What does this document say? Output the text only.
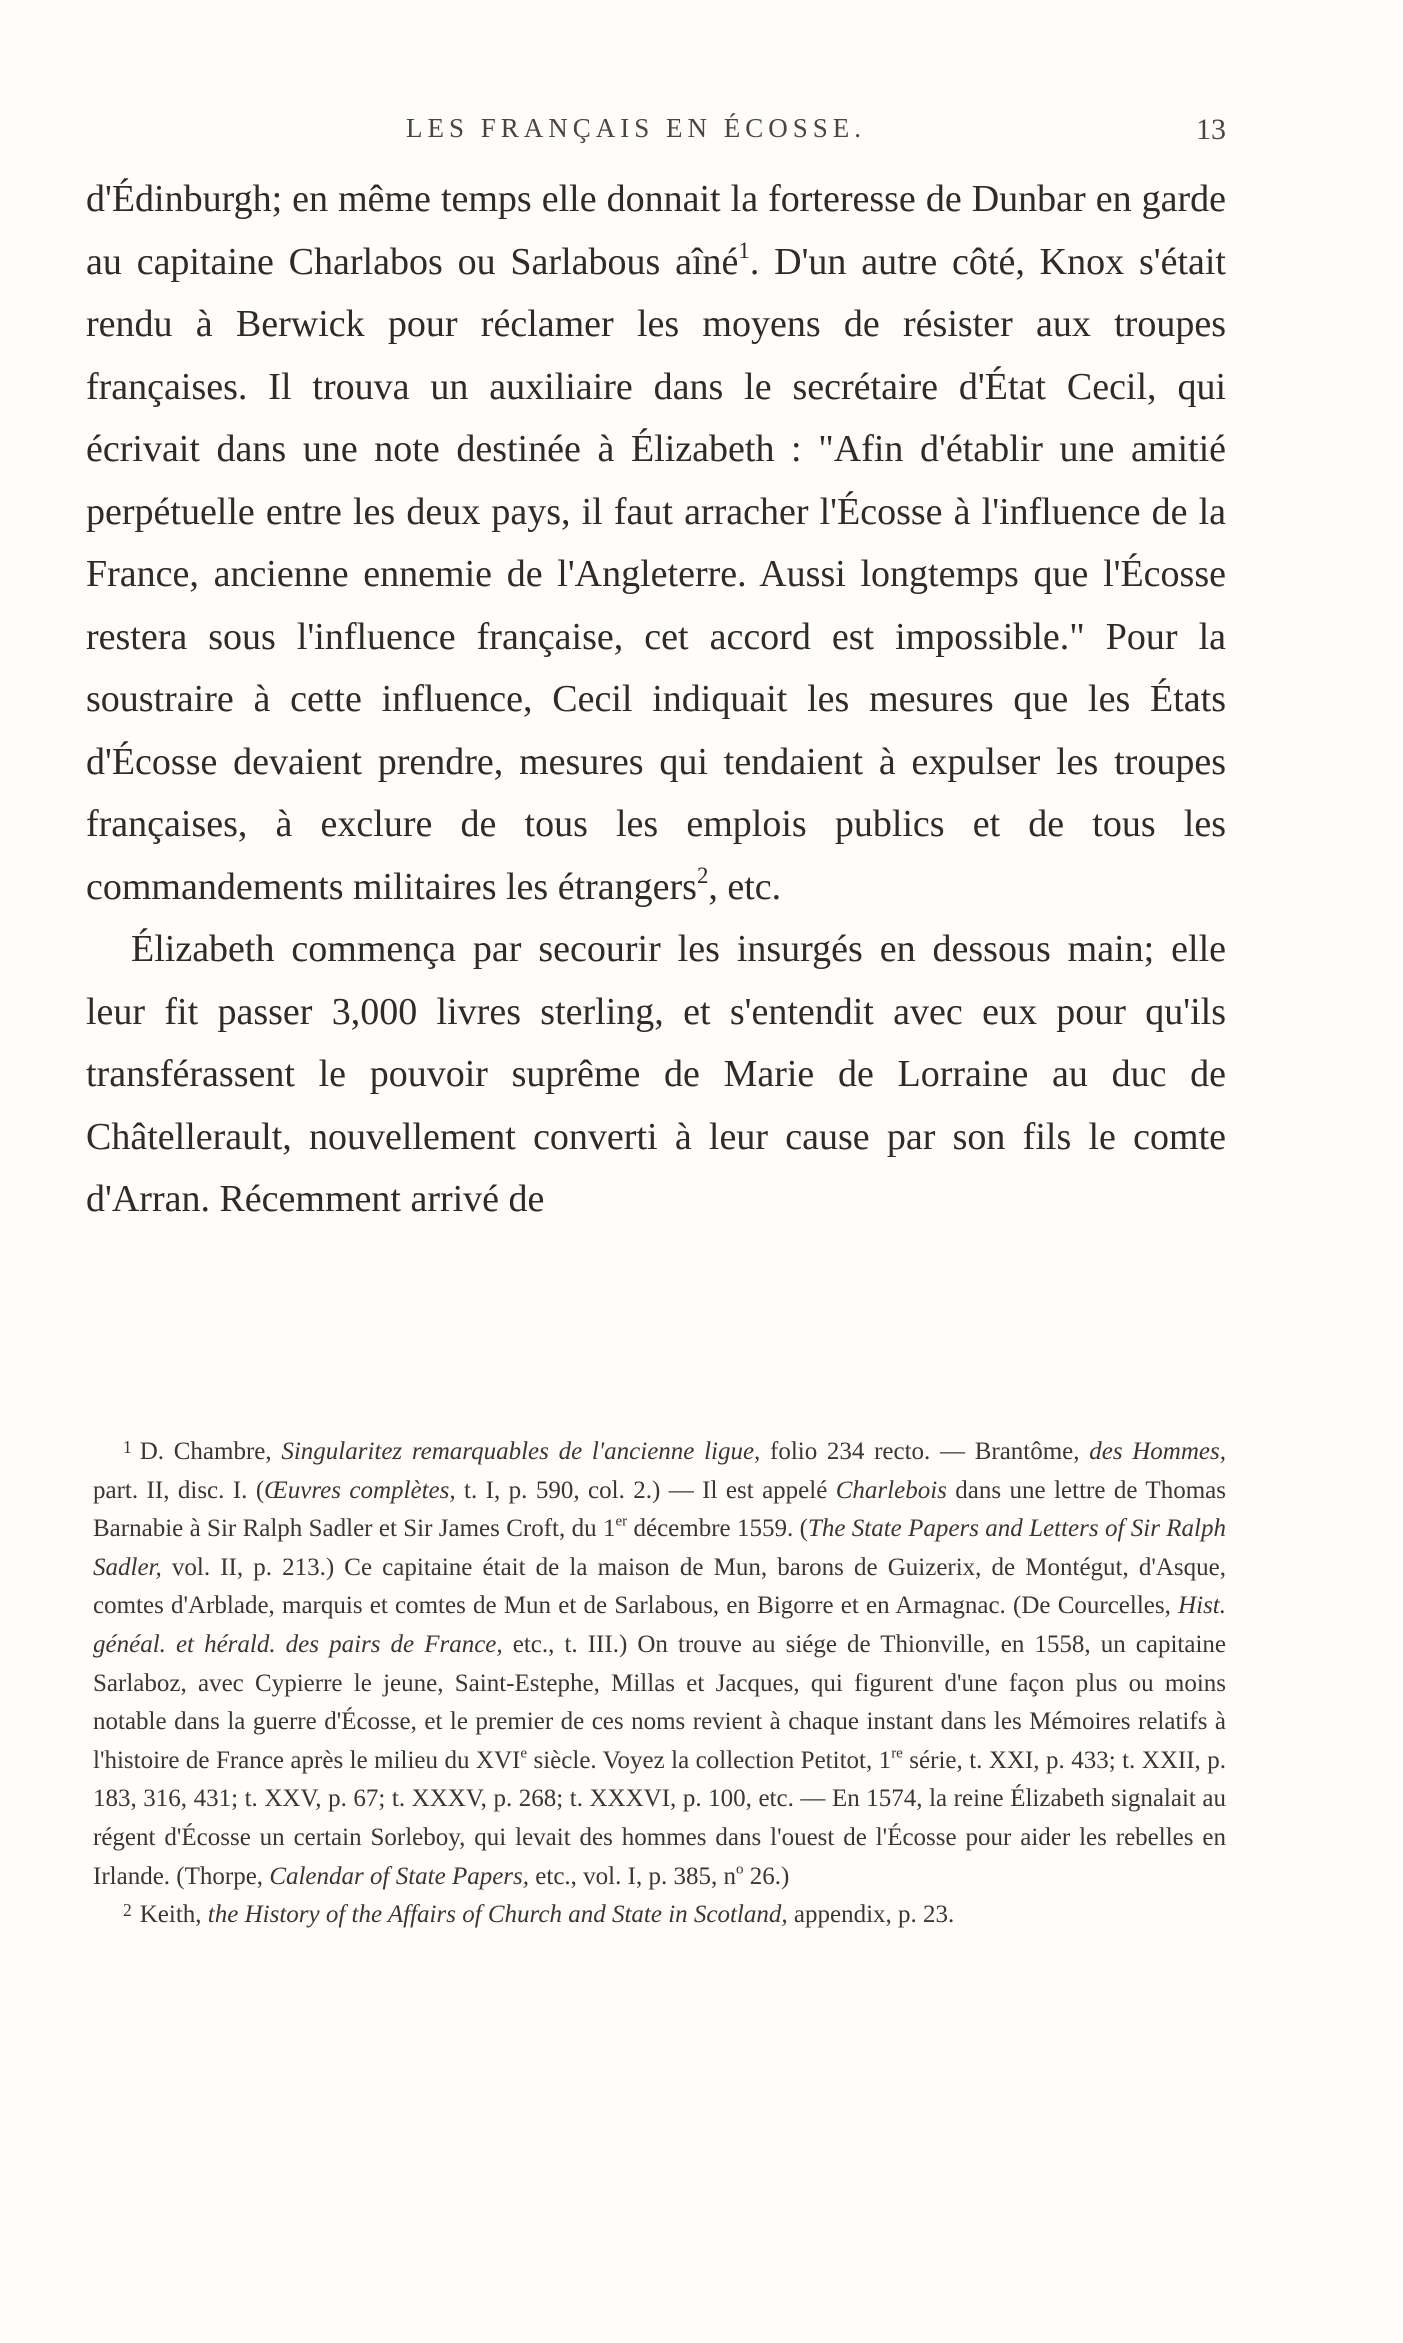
LES FRANÇAIS EN ÉCOSSE.	13

d'Édinburgh; en même temps elle donnait la forteresse de Dunbar en garde au capitaine Charlabos ou Sarlabous aîné$^1$. D'un autre côté, Knox s'était rendu à Berwick pour réclamer les moyens de résister aux troupes françaises. Il trouva un auxiliaire dans le secrétaire d'État Cecil, qui écrivait dans une note destinée à Élizabeth : "Afin d'établir une amitié perpétuelle entre les deux pays, il faut arracher l'Écosse à l'influence de la France, ancienne ennemie de l'Angleterre. Aussi longtemps que l'Écosse restera sous l'influence française, cet accord est impossible." Pour la soustraire à cette influence, Cecil indiquait les mesures que les États d'Écosse devaient prendre, mesures qui tendaient à expulser les troupes françaises, à exclure de tous les emplois publics et de tous les commandements militaires les étrangers$^2$, etc.

Élizabeth commença par secourir les insurgés en dessous main; elle leur fit passer 3,000 livres sterling, et s'entendit avec eux pour qu'ils transférassent le pouvoir suprême de Marie de Lorraine au duc de Châtellerault, nouvellement converti à leur cause par son fils le comte d'Arran. Récemment arrivé de

$^1$ D. Chambre, Singularitez remarquables de l'ancienne ligue, folio 234 recto. — Brantôme, des Hommes, part. II, disc. I. (Œuvres complètes, t. I, p. 590, col. 2.) — Il est appelé Charlebois dans une lettre de Thomas Barnabie à Sir Ralph Sadler et Sir James Croft, du 1er décembre 1559. (The State Papers and Letters of Sir Ralph Sadler, vol. II, p. 213.) Ce capitaine était de la maison de Mun, barons de Guizerix, de Montégut, d'Asque, comtes d'Arblade, marquis et comtes de Mun et de Sarlabous, en Bigorre et en Armagnac. (De Courcelles, Hist. généal. et hérald. des pairs de France, etc., t. III.) On trouve au siége de Thionville, en 1558, un capitaine Sarlaboz, avec Cypierre le jeune, Saint-Estephe, Millas et Jacques, qui figurent d'une façon plus ou moins notable dans la guerre d'Écosse, et le premier de ces noms revient à chaque instant dans les Mémoires relatifs à l'histoire de France après le milieu du XVIe siècle. Voyez la collection Petitot, 1re série, t. XXI, p. 433; t. XXII, p. 183, 316, 431; t. XXV, p. 67; t. XXXV, p. 268; t. XXXVI, p. 100, etc. — En 1574, la reine Élizabeth signalait au régent d'Écosse un certain Sorleboy, qui levait des hommes dans l'ouest de l'Écosse pour aider les rebelles en Irlande. (Thorpe, Calendar of State Papers, etc., vol. I, p. 385, $n^o$ 26.)

$^2$ Keith, the History of the Affairs of Church and State in Scotland, appendix, p. 23.
